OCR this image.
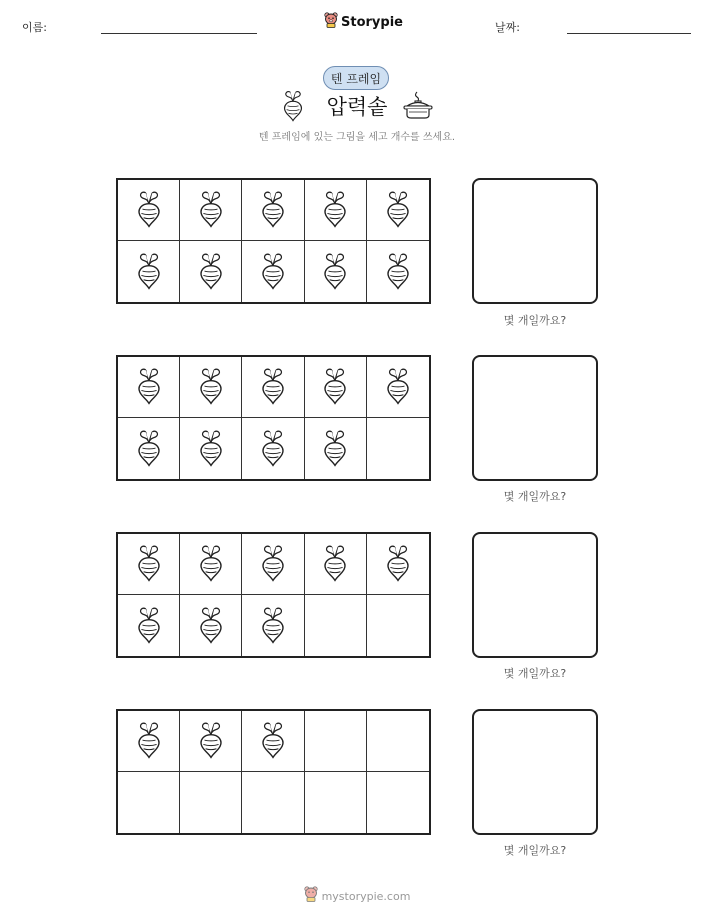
이름:	Storypie	날짜:
텐 프레임
압력솥
텐 프레임에 있는 그림을 세고 개수를 쓰세요.
몇 개일까요?
몇 개일까요?
몇 개일까요?
몇 개일까요?
mystorypie.com
